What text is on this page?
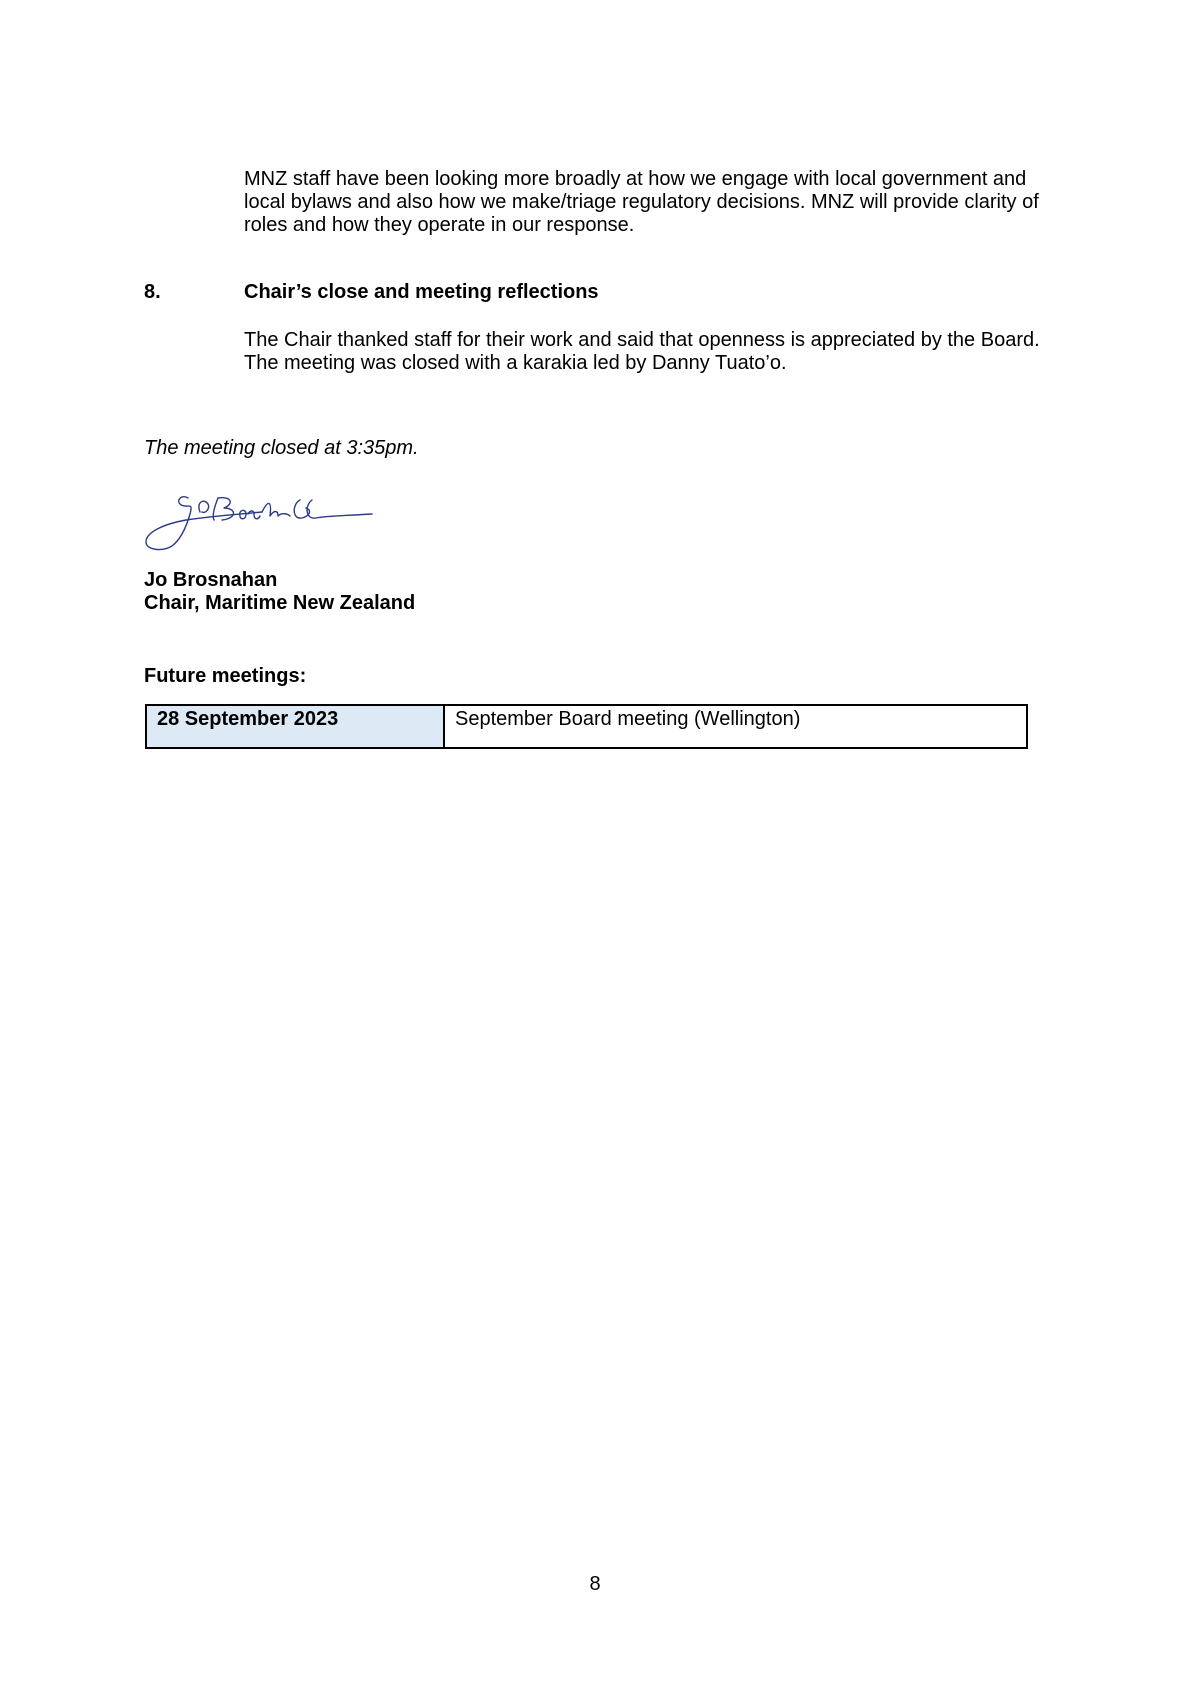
MNZ staff have been looking more broadly at how we engage with local government and
local bylaws and also how we make/triage regulatory decisions. MNZ will provide clarity of
roles and how they operate in our response.

8.	Chair’s close and meeting reflections

The Chair thanked staff for their work and said that openness is appreciated by the Board.
The meeting was closed with a karakia led by Danny Tuato’o.

The meeting closed at 3:35pm.

Jo Brosnahan
Chair, Maritime New Zealand

Future meetings:

28 September 2023	September Board meeting (Wellington)
8
